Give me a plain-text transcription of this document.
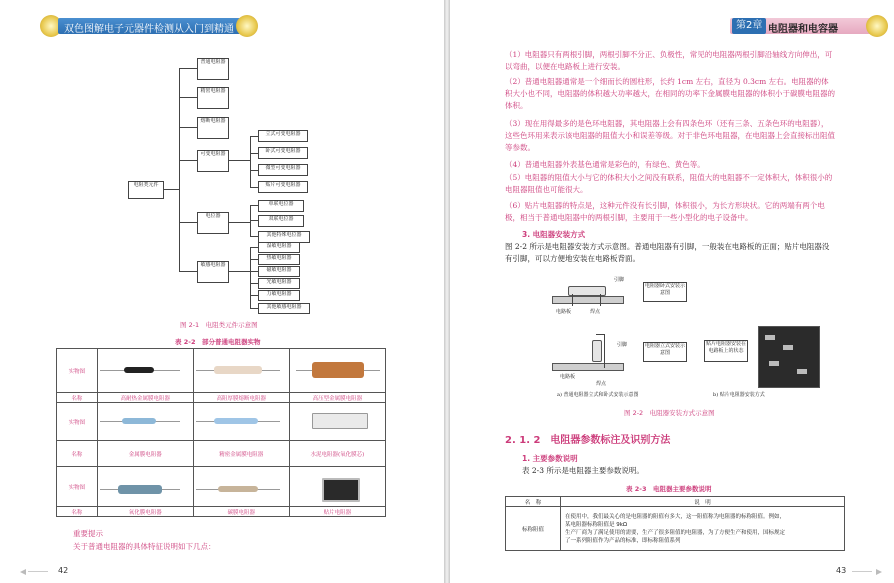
双色图解电子元器件检测从入门到精通
电阻类元件
普通电阻器
精密电阻器
熔断电阻器
可变电阻器
电位器
敏感电阻器
立式可变电阻器
卧式可变电阻器
微型可变电阻器
贴片可变电阻器
单联电位器
双联电位器
其他特殊电位器
湿敏电阻器
热敏电阻器
磁敏电阻器
光敏电阻器
力敏电阻器
其他敏感电阻器
图 2-1　电阻类元件示意图
表 2-2　部分普通电阻器实物
实物图			
名称	高耐热金属膜电阻器	高阻厚膜熔断电阻器	高压型金属膜电阻器
实物图			
名称	金属膜电阻器	精密金属膜电阻器	水泥电阻器(氧化膜芯)
实物图			
名称	氧化膜电阻器	碳膜电阻器	贴片电阻器
重要提示
关于普通电阻器的具体特征说明如下几点：
42
第2章 电阻器和电容器
（1）电阻器只有两根引脚，两根引脚不分正、负极性，常见的电阻器两根引脚沿轴线方向伸出，可以弯曲，以便在电路板上进行安装。
（2）普通电阻器通常是一个细而长的圆柱形，长约 1cm 左右，直径为 0.3cm 左右。电阻器的体积大小也不同，电阻器的体积越大功率越大，在相同的功率下金属膜电阻器的体积小于碳膜电阻器的体积。
（3）现在用得最多的是色环电阻器，其电阻器上会有四条色环（还有三条、五条色环的电阻器），这些色环用来表示该电阻器的阻值大小和误差等级。对于非色环电阻器，在电阻器上会直接标出阻值等参数。
（4）普通电阻器外表基色通常是彩色的，有绿色、黄色等。
（5）电阻器的阻值大小与它的体积大小之间没有联系，阻值大的电阻器不一定体积大，体积很小的电阻器阻值也可能很大。
（6）贴片电阻器的特点是，这种元件没有长引脚，体积很小，为长方形块状。它的两端有两个电极，相当于普通电阻器中的两根引脚，主要用于一些小型化的电子设备中。
3. 电阻器安装方式
图 2-2 所示是电阻器安装方式示意图。普通电阻器有引脚，一般装在电路板的正面；贴片电阻器没有引脚，可以方便地安装在电路板背面。
引脚
电路板	焊点
电阻器卧式安装示意图
引脚
电路板
焊点
电阻器立式安装示意图
贴片电阻器安装在电路板上的状态
a) 普通电阻器立式和卧式安装示意图	b) 贴片电阻器安装方式
图 2-2　电阻器安装方式示意图
2. 1. 2　电阻器参数标注及识别方法
1. 主要参数说明
表 2-3 所示是电阻器主要参数说明。
表 2-3　电阻器主要参数说明
名　称	说　明
标称阻值	在使用中，我们最关心的是电阻器的阻值有多大，这一阻值称为电阻器的标称阻值。例如，
某电阻器标称阻值是 9kΩ
生产厂商为了满足使用的需要，生产了很多阻值的电阻器，为了方便生产和使用，国标规定
了一系列阻值作为产品的标准，即标称阻值系列
43
